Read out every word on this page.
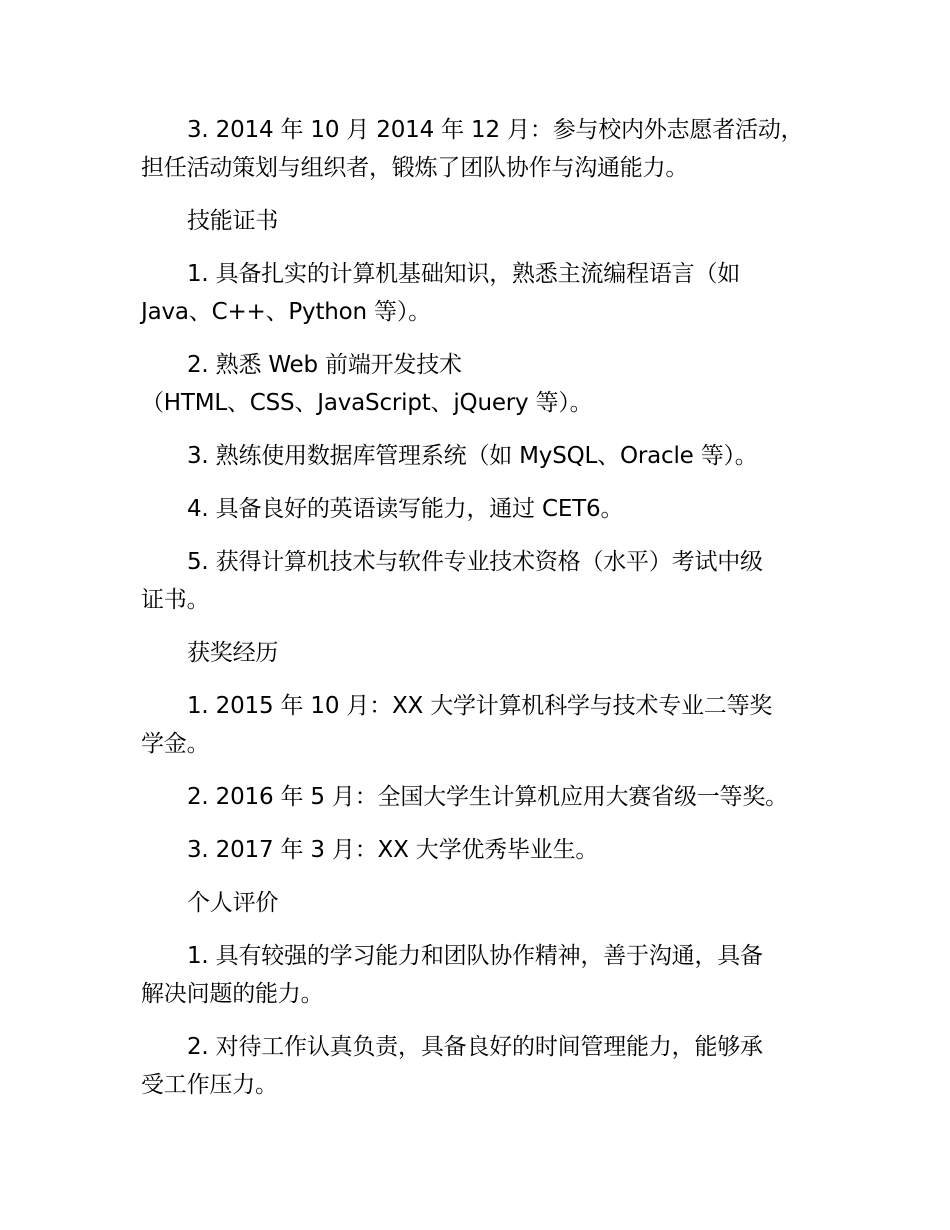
3. 2014 年 10 月 2014 年 12 月：参与校内外志愿者活动，
担任活动策划与组织者，锻炼了团队协作与沟通能力。

技能证书

1. 具备扎实的计算机基础知识，熟悉主流编程语言（如
Java、C++、Python 等）。

2. 熟悉 Web 前端开发技术
（HTML、CSS、JavaScript、jQuery 等）。

3. 熟练使用数据库管理系统（如 MySQL、Oracle 等）。

4. 具备良好的英语读写能力，通过 CET6。

5. 获得计算机技术与软件专业技术资格（水平）考试中级
证书。

获奖经历

1. 2015 年 10 月：XX 大学计算机科学与技术专业二等奖
学金。

2. 2016 年 5 月：全国大学生计算机应用大赛省级一等奖。

3. 2017 年 3 月：XX 大学优秀毕业生。

个人评价

1. 具有较强的学习能力和团队协作精神，善于沟通，具备
解决问题的能力。

2. 对待工作认真负责，具备良好的时间管理能力，能够承
受工作压力。
